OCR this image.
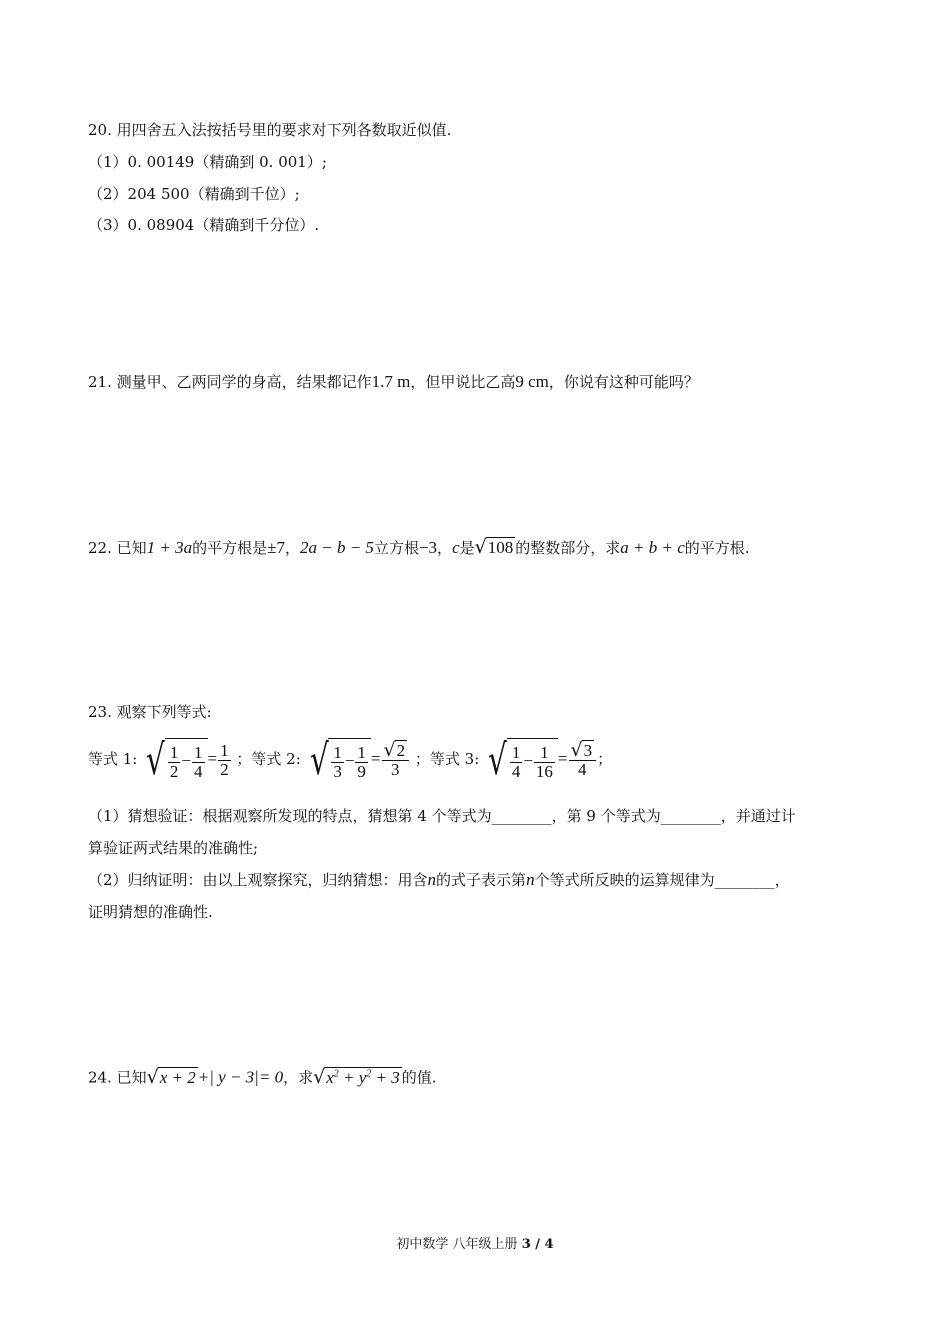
20. 用四舍五入法按括号里的要求对下列各数取近似值.
（1）0. 00149（精确到 0. 001）;
（2）204 500（精确到千位）;
（3）0. 08904（精确到千分位）.
21. 测量甲、乙两同学的身高，结果都记作1.7 m，但甲说比乙高9 cm，你说有这种可能吗？
22. 已知1 + 3a的平方根是±7，2a − b − 5立方根−3，c是√108 的整数部分，求a + b + c的平方根.
23. 观察下列等式:
等式 1: √ $\frac{1}{2} - \frac{1}{4} = \frac{1}{2}$ ；等式 2: √ $\frac{1}{3} - \frac{1}{9} = \frac{√2}{3}$ ；等式 3: √ $\frac{1}{4} - \frac{1}{16} = \frac{√3}{4}$ ；
（1）猜想验证：根据观察所发现的特点，猜想第 4 个等式为________，第 9 个等式为________，并通过计
算验证两式结果的准确性;
（2）归纳证明：由以上观察探究，归纳猜想：用含n的式子表示第n个等式所反映的运算规律为________，
证明猜想的准确性.
24. 已知√x + 2 +| y − 3|= 0，求$√x^2 + y^2 + 3$ 的值.
初中数学 八年级上册 3 / 4
